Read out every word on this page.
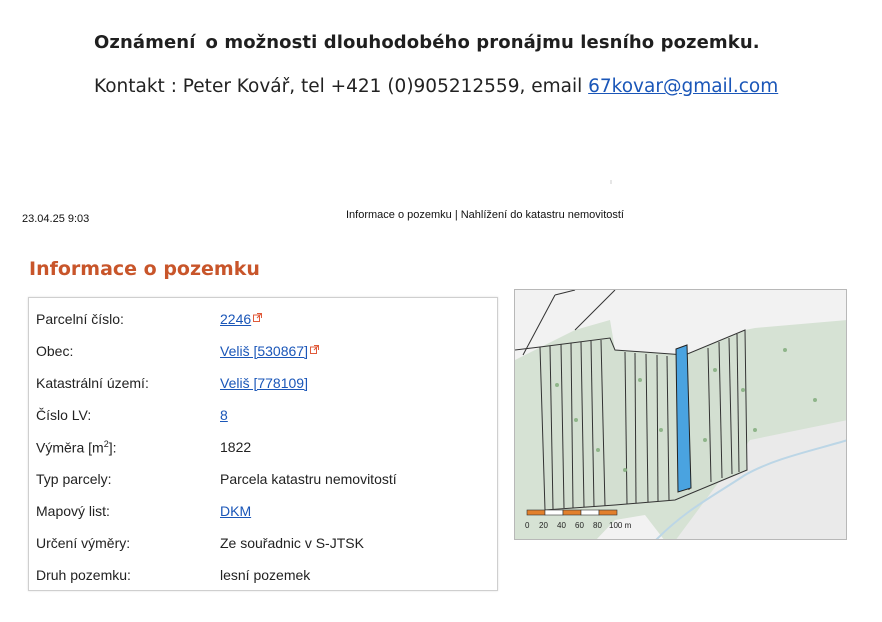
Oznámení o možnosti dlouhodobého pronájmu lesního pozemku.
Kontakt : Peter Kovář, tel +421 (0)905212559, email 67kovar@gmail.com
23.04.25 9:03	Informace o pozemku | Nahlížení do katastru nemovitostí
Informace o pozemku
Parcelní číslo:	2246
Obec:	Veliš [530867]
Katastrální území:	Veliš [778109]
Číslo LV:	8
Výměra $[m^2]$:	1822
Typ parcely:	Parcela katastru nemovitostí
Mapový list:	DKM
Určení výměry:	Ze souřadnic v S-JTSK
Druh pozemku:	lesní pozemek
0 20 40 60 80 100 m
